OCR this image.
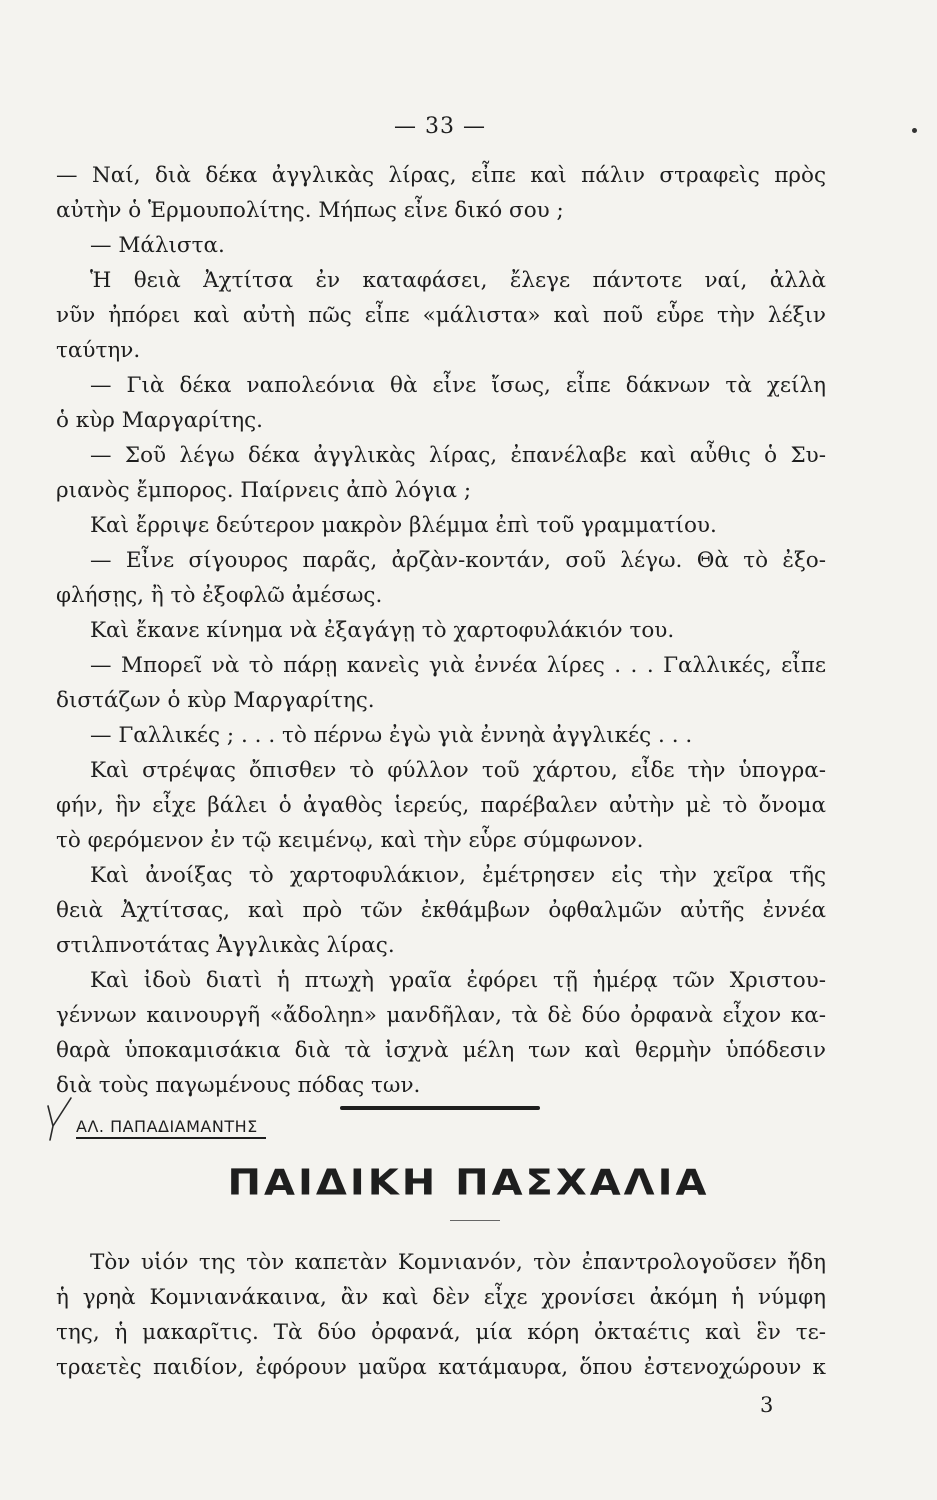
— 33 —
— Ναί, διὰ δέκα ἀγγλικὰς λίρας, εἶπε καὶ πάλιν στραφεὶς πρὸς
αὐτὴν ὁ Ἑρμουπολίτης. Μήπως εἶνε δικό σου ;
— Μάλιστα.
Ἡ θειὰ Ἀχτίτσα ἐν καταφάσει, ἔλεγε πάντοτε ναί, ἀλλὰ
νῦν ἠπόρει καὶ αὐτὴ πῶς εἶπε «μάλιστα» καὶ ποῦ εὗρε τὴν λέξιν
ταύτην.
— Γιὰ δέκα ναπολεόνια θὰ εἶνε ἴσως, εἶπε δάκνων τὰ χείλη
ὁ κὺρ Μαργαρίτης.
— Σοῦ λέγω δέκα ἀγγλικὰς λίρας, ἐπανέλαβε καὶ αὖθις ὁ Συ-
ριανὸς ἔμπορος. Παίρνεις ἀπὸ λόγια ;
Καὶ ἔρριψε δεύτερον μακρὸν βλέμμα ἐπὶ τοῦ γραμματίου.
— Εἶνε σίγουρος παρᾶς, ἀρζὰν-κοντάν, σοῦ λέγω. Θὰ τὸ ἐξο-
φλήσῃς, ἢ τὸ ἐξοφλῶ ἀμέσως.
Καὶ ἔκανε κίνημα νὰ ἐξαγάγῃ τὸ χαρτοφυλάκιόν του.
— Μπορεῖ νὰ τὸ πάρῃ κανεὶς γιὰ ἐννέα λίρες . . . Γαλλικές, εἶπε
διστάζων ὁ κὺρ Μαργαρίτης.
— Γαλλικές ; . . . τὸ πέρνω ἐγὼ γιὰ ἐννηὰ ἀγγλικές . . .
Καὶ στρέψας ὄπισθεν τὸ φύλλον τοῦ χάρτου, εἶδε τὴν ὑπογρα-
φήν, ἣν εἶχε βάλει ὁ ἀγαθὸς ἱερεύς, παρέβαλεν αὐτὴν μὲ τὸ ὄνομα
τὸ φερόμενον ἐν τῷ κειμένῳ, καὶ τὴν εὗρε σύμφωνον.
Καὶ ἀνοίξας τὸ χαρτοφυλάκιον, ἐμέτρησεν εἰς τὴν χεῖρα τῆς
θειὰ Ἀχτίτσας, καὶ πρὸ τῶν ἐκθάμβων ὀφθαλμῶν αὐτῆς ἐννέα
στιλπνοτάτας Ἀγγλικὰς λίρας.
Καὶ ἰδοὺ διατὶ ἡ πτωχὴ γραῖα ἐφόρει τῇ ἡμέρᾳ τῶν Χριστου-
γέννων καινουργῆ «ἄδοληn» μανδῆλαν, τὰ δὲ δύο ὀρφανὰ εἶχον κα-
θαρὰ ὑποκαμισάκια διὰ τὰ ἰσχνὰ μέλη των καὶ θερμὴν ὑπόδεσιν
διὰ τοὺς παγωμένους πόδας των.
ΑΛ. ΠΑΠΑΔΙΑΜΑΝΤΗΣ
ΠΑΙΔΙΚΗ ΠΑΣΧΑΛΙΑ
Τὸν υἱόν της τὸν καπετὰν Κομνιανόν, τὸν ἐπαντρολογοῦσεν ἤδη
ἡ γρηὰ Κομνιανάκαινα, ἂν καὶ δὲν εἶχε χρονίσει ἀκόμη ἡ νύμφη
της, ἡ μακαρῖτις. Τὰ δύο ὀρφανά, μία κόρη ὀκταέτις καὶ ἓν τε-
τραετὲς παιδίον, ἐφόρουν μαῦρα κατάμαυρα, ὅπου ἐστενοχώρουν κ
3
